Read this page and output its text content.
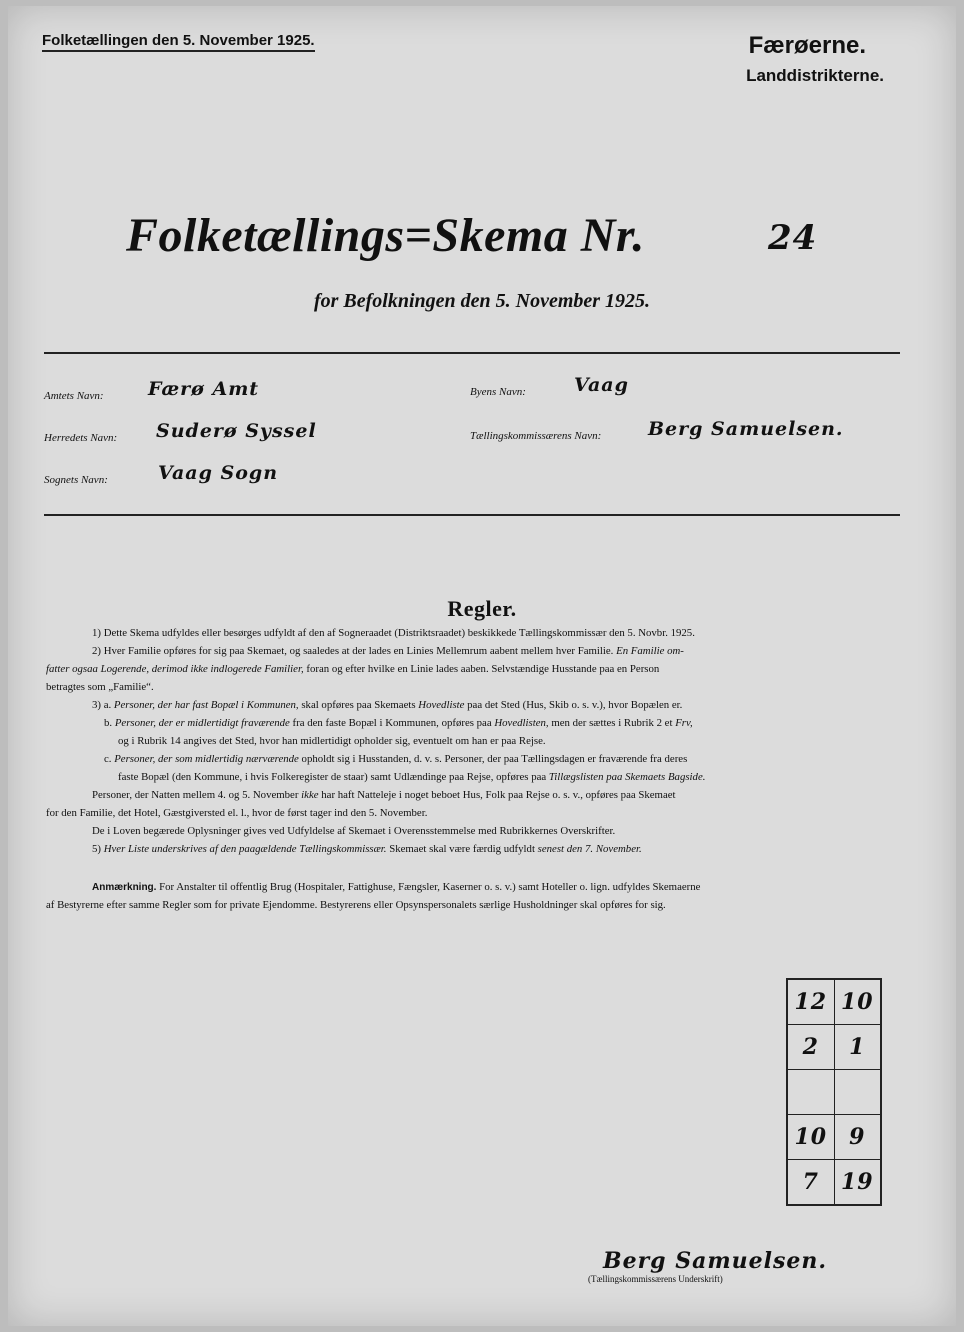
Folketællingen den 5. November 1925.	Færøerne.
Landdistrikterne.
Folketællings=Skema Nr.	24
for Befolkningen den 5. November 1925.
Amtets Navn: Færø Amt
Herredets Navn: Suderø Syssel
Sognets Navn:	Vaag Sogn
Byens Navn:	Vaag
Tællingskommissærens Navn: Berg Samuelsen.
Regler.
1) Dette Skema udfyldes eller besørges udfyldt af den af Sogneraadet (Distriktsraadet) beskikkede Tællingskommissær den 5. Novbr. 1925.
2) Hver Familie opføres for sig paa Skemaet, og saaledes at der lades en Linies Mellemrum aabent mellem hver Familie. En Familie om-
fatter ogsaa Logerende, derimod ikke indlogerede Familier, foran og efter hvilke en Linie lades aaben. Selvstændige Husstande paa en Person
betragtes som „Familie“.
3) a. Personer, der har fast Bopæl i Kommunen, skal opføres paa Skemaets Hovedliste paa det Sted (Hus, Skib o. s. v.), hvor Bopælen er.
b. Personer, der er midlertidigt fraværende fra den faste Bopæl i Kommunen, opføres paa Hovedlisten, men der sættes i Rubrik 2 et Frv,
og i Rubrik 14 angives det Sted, hvor han midlertidigt opholder sig, eventuelt om han er paa Rejse.
c. Personer, der som midlertidig nærværende opholdt sig i Husstanden, d. v. s. Personer, der paa Tællingsdagen er fraværende fra deres
faste Bopæl (den Kommune, i hvis Folkeregister de staar) samt Udlændinge paa Rejse, opføres paa Tillægslisten paa Skemaets Bagside.
Personer, der Natten mellem 4. og 5. November ikke har haft Natteleje i noget beboet Hus, Folk paa Rejse o. s. v., opføres paa Skemaet
for den Familie, det Hotel, Gæstgiversted el. l., hvor de først tager ind den 5. November.
De i Loven begærede Oplysninger gives ved Udfyldelse af Skemaet i Overensstemmelse med Rubrikkernes Overskrifter.
5) Hver Liste underskrives af den paagældende Tællingskommissær. Skemaet skal være færdig udfyldt senest den 7. November.
Anmærkning. For Anstalter til offentlig Brug (Hospitaler, Fattighuse, Fængsler, Kaserner o. s. v.) samt Hoteller o. lign. udfyldes Skemaerne
af Bestyrerne efter samme Regler som for private Ejendomme. Bestyrerens eller Opsynspersonalets særlige Husholdninger skal opføres for sig.
12	10
2	1

10	9
7	19
Berg Samuelsen.
(Tællingskommissærens Underskrift)
